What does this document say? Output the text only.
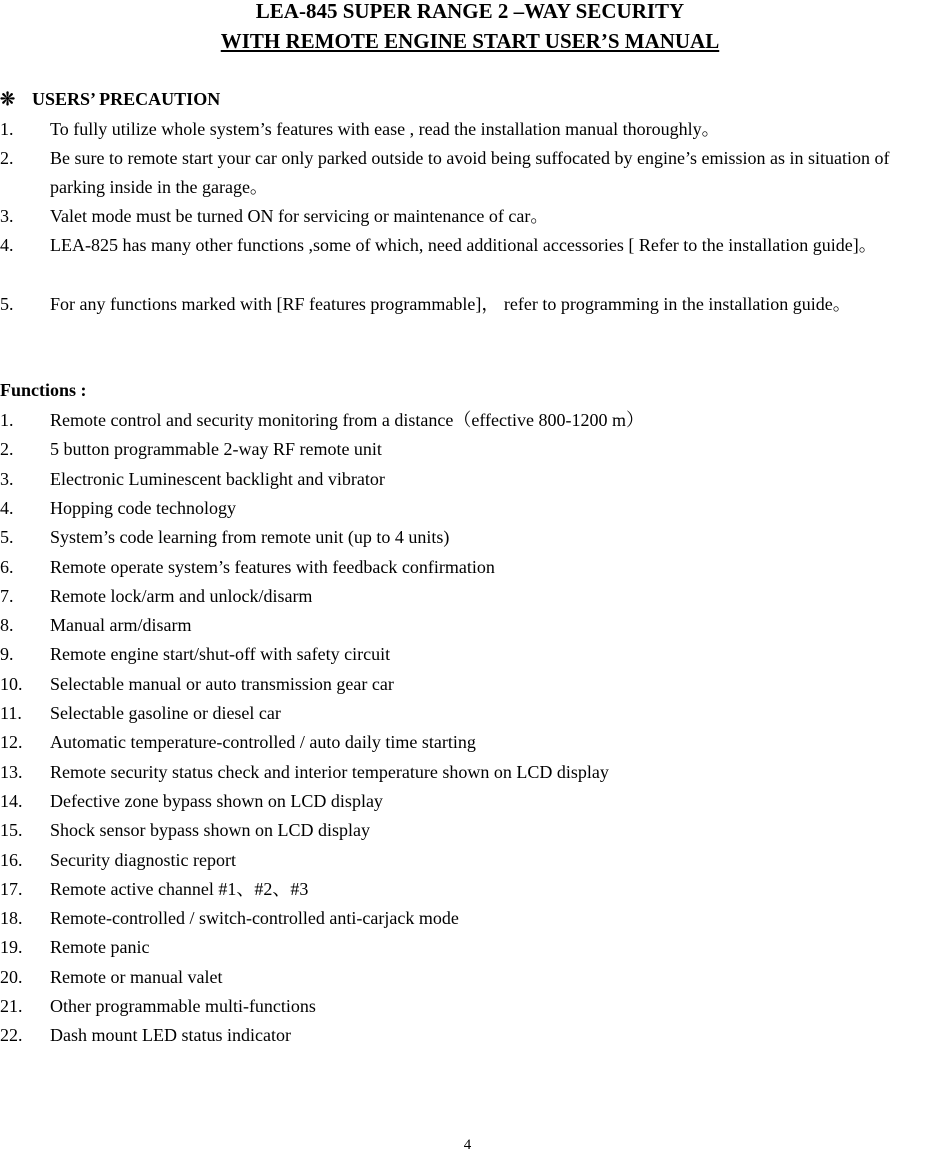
LEA-845 SUPER RANGE 2 –WAY SECURITY
WITH REMOTE ENGINE START USER’S MANUAL
❊ USERS’ PRECAUTION
1. To fully utilize whole system’s features with ease , read the installation manual thoroughly。
2. Be sure to remote start your car only parked outside to avoid being suffocated by engine’s emission as in situation of parking inside in the garage。
3. Valet mode must be turned ON for servicing or maintenance of car。
4. LEA-825 has many other functions ,some of which, need additional accessories [ Refer to the installation guide]。
5. For any functions marked with [RF features programmable]， refer to programming in the installation guide。
Functions :
1. Remote control and security monitoring from a distance（effective 800-1200 m）
2. 5 button programmable 2-way RF remote unit
3. Electronic Luminescent backlight and vibrator
4. Hopping code technology
5. System’s code learning from remote unit (up to 4 units)
6. Remote operate system’s features with feedback confirmation
7. Remote lock/arm and unlock/disarm
8. Manual arm/disarm
9. Remote engine start/shut-off with safety circuit
10. Selectable manual or auto transmission gear car
11. Selectable gasoline or diesel car
12. Automatic temperature-controlled / auto daily time starting
13. Remote security status check and interior temperature shown on LCD display
14. Defective zone bypass shown on LCD display
15. Shock sensor bypass shown on LCD display
16. Security diagnostic report
17. Remote active channel #1、#2、#3
18. Remote-controlled / switch-controlled anti-carjack mode
19. Remote panic
20. Remote or manual valet
21. Other programmable multi-functions
22. Dash mount LED status indicator
4
